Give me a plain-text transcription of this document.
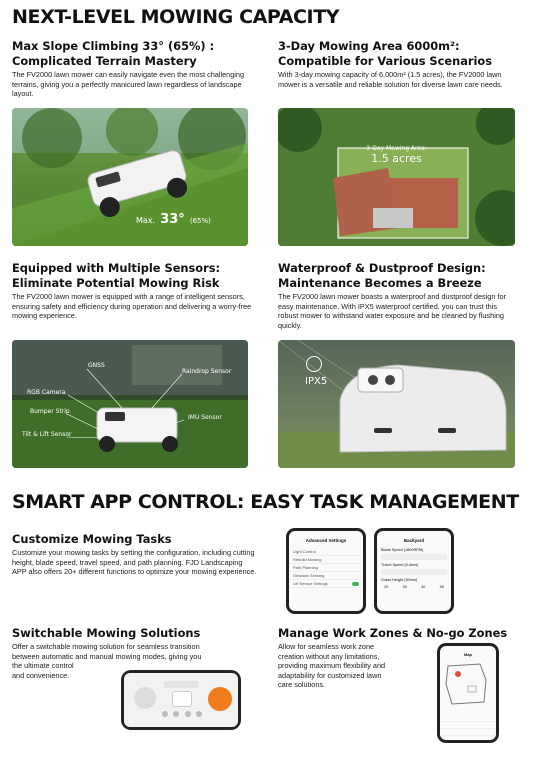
NEXT-LEVEL MOWING CAPACITY
Max Slope Climbing 33° (65%) :
Complicated Terrain Mastery
The FV2000 lawn mower can easily navigate even the most challenging terrains, giving you a perfectly manicured lawn regardless of landscape layout.
Max. 33° (65%)
3-Day Mowing Area 6000m²:
Compatible for Various Scenarios
With 3-day mowing capacity of 6,000m² (1.5 acres), the FV2000 lawn mower is a versatile and reliable solution for diverse lawn care needs.
3-Day Mowing Area:
1.5 acres
Equipped with Multiple Sensors:
Eliminate Potential Mowing Risk
The FV2000 lawn mower is equipped with a range of intelligent sensors, ensuring safety and efficiency during operation and delivering a worry-free mowing experience.
GNSS
Raindrop Sensor
RGB Camera
Bumper Strip
IMU Sensor
Tilt & Lift Sensor
Waterproof & Dustproof Design:
Maintenance Becomes a Breeze
The FV2000 lawn mower boasts a waterproof and dustproof design for easy maintenance. With IPX5 waterproof certified, you can trust this robust mower to withstand water exposure and be cleaned by flushing quickly.
IPX5
SMART APP CONTROL: EASY TASK MANAGEMENT
Customize Mowing Tasks
Customize your mowing tasks by setting the configuration, including cutting height, blade speed, travel speed, and path planning. FJD Landscaping APP also offers 20+ different functions to optimize your mowing experience.
Advanced Settings
Light Control
Rebuild Mowing
Path Planning
Obstacle Sensing
Lift Sensor Settings
Backyard
Blade Speed (1800RPM)
Travel Speed (0.4m/s)
Grass Height (30mm)
20	30	40	55
Switchable Mowing Solutions
Offer a switchable mowing solution for seamless transition
between automatic and manual mowing modes, giving you
the ultimate control
and convenience.
Manage Work Zones & No-go Zones
Allow for seamless work zone
creation without any limitations,
providing maximum flexibility and
adaptability for customized lawn
care solutions.
Map
